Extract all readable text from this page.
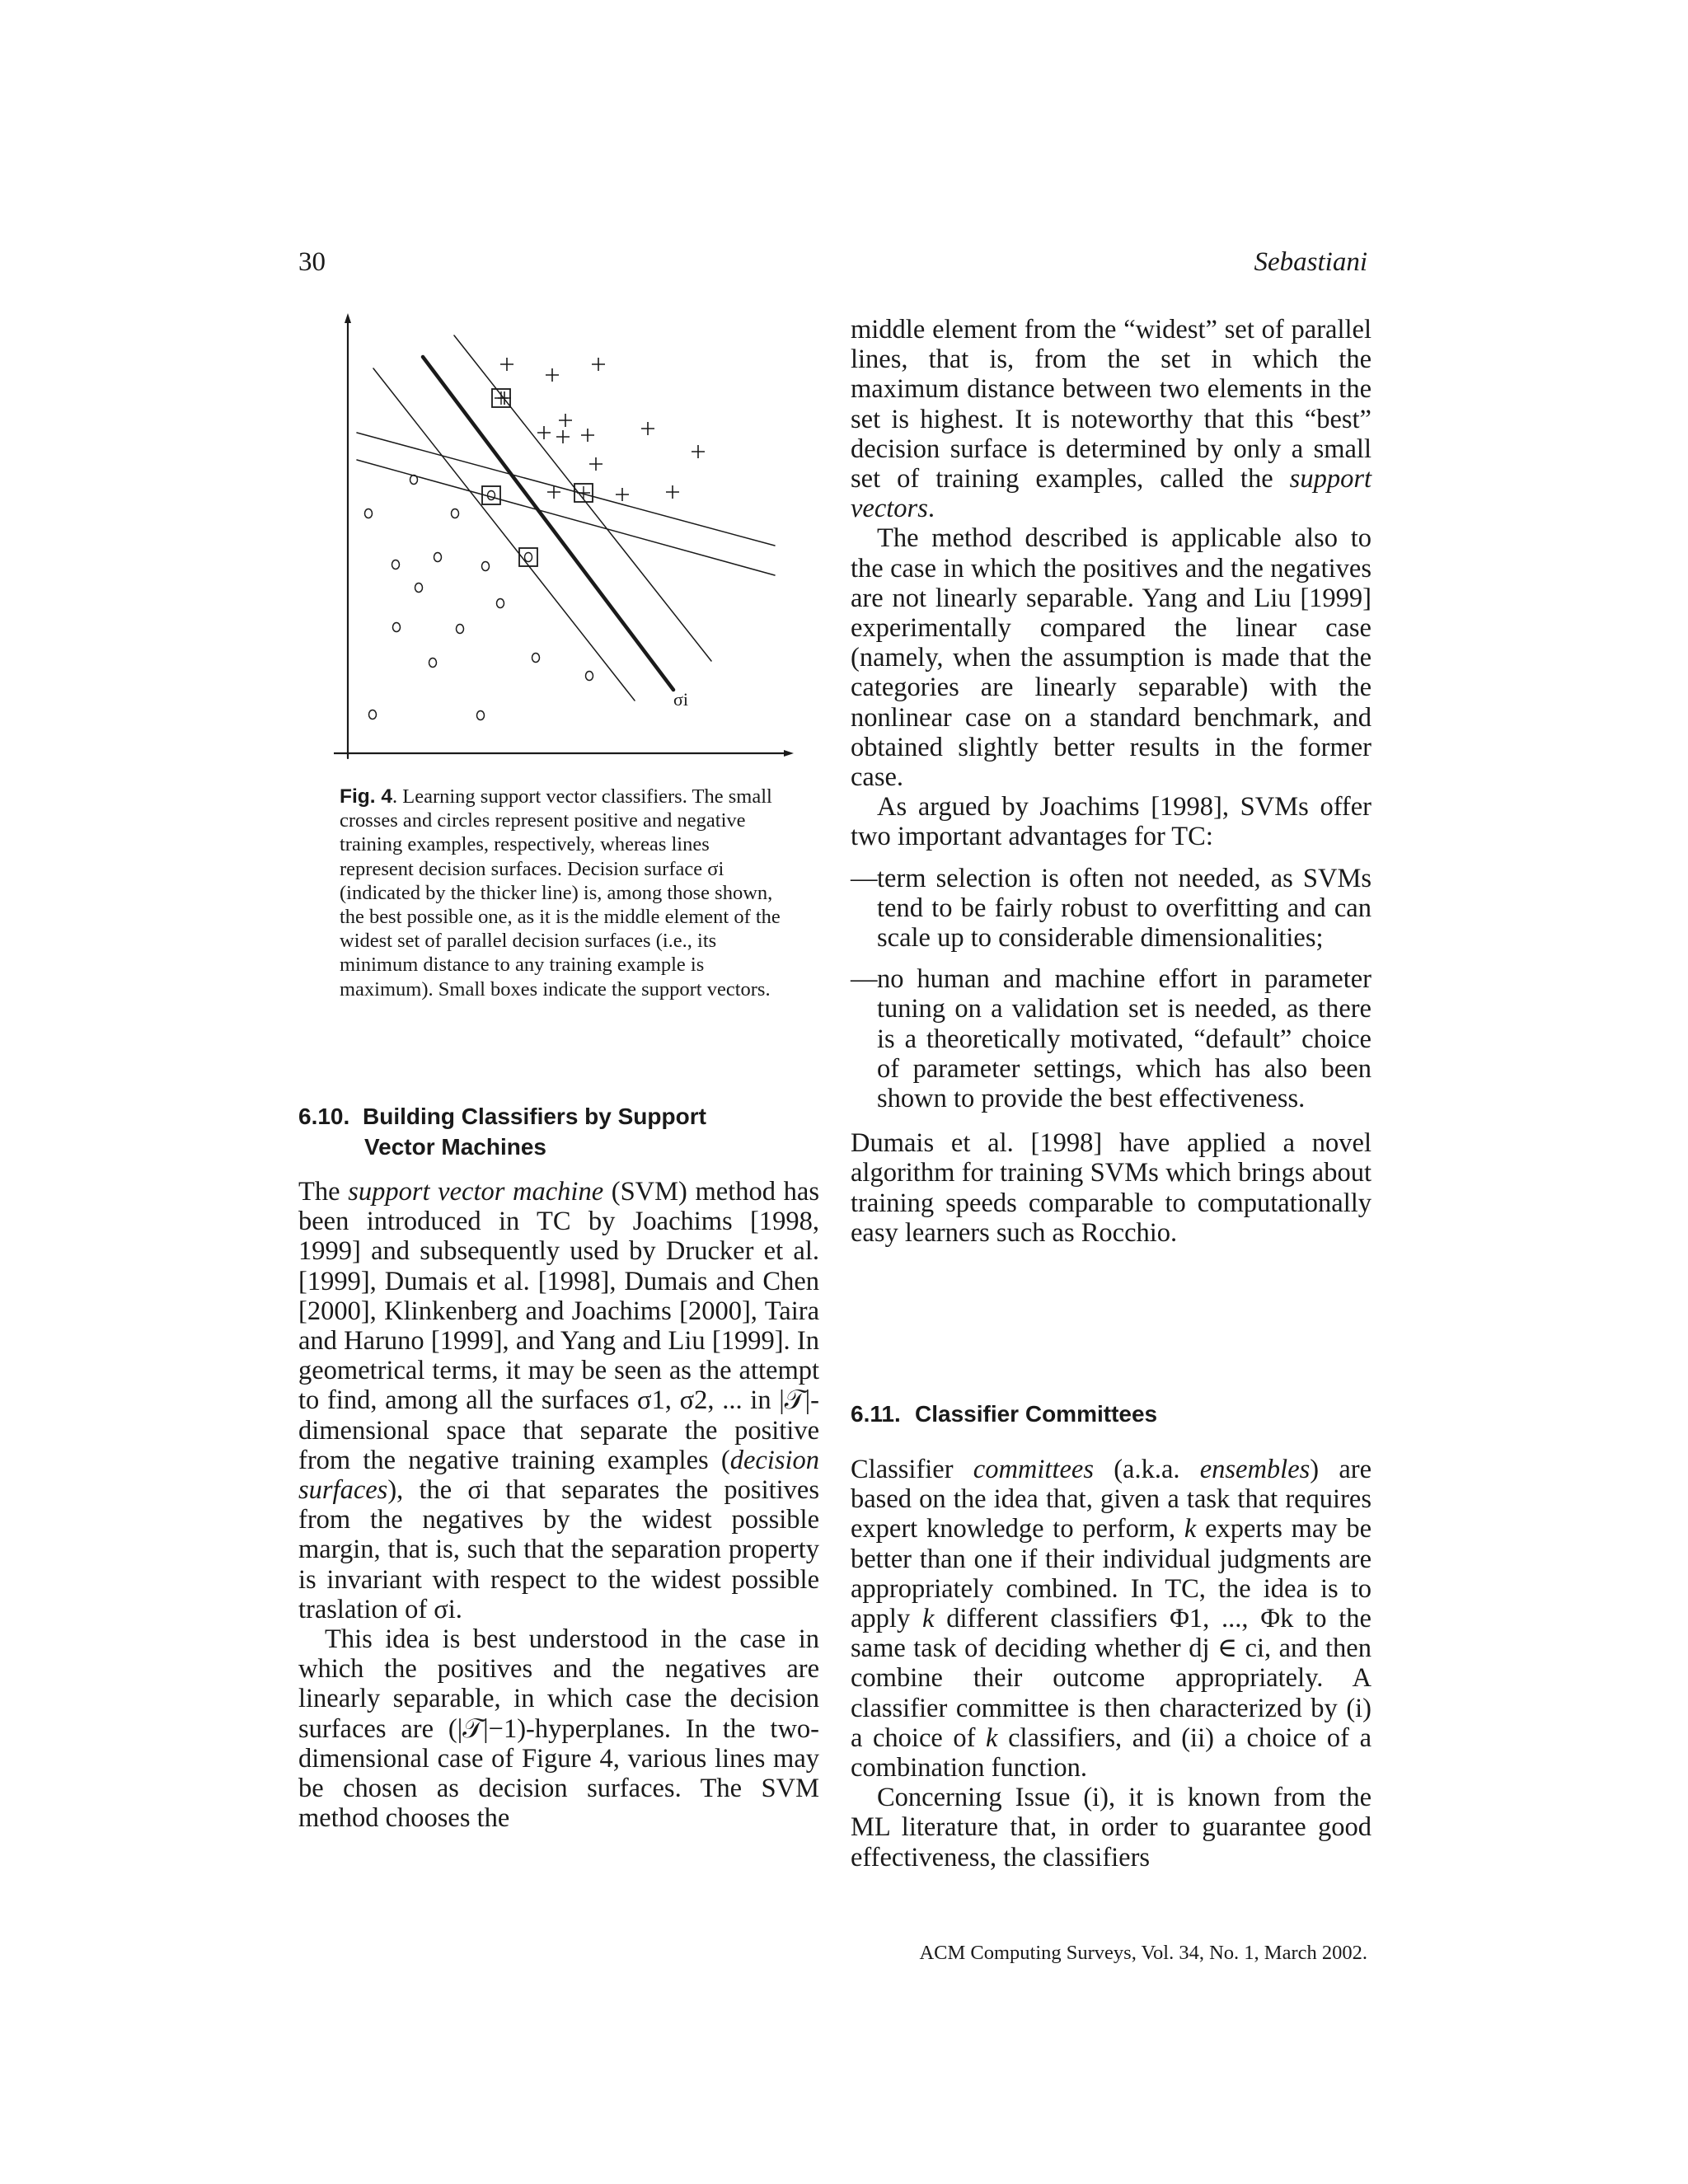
30	Sebastiani
σi
Fig. 4. Learning support vector classifiers. The small crosses and circles represent positive and negative training examples, respectively, whereas lines represent decision surfaces. Decision surface σi (indicated by the thicker line) is, among those shown, the best possible one, as it is the middle element of the widest set of parallel decision surfaces (i.e., its minimum distance to any training example is maximum). Small boxes indicate the support vectors.
6.10. Building Classifiers by Support
Vector Machines

The support vector machine (SVM) method has been introduced in TC by Joachims [1998, 1999] and subsequently used by Drucker et al. [1999], Dumais et al. [1998], Dumais and Chen [2000], Klinkenberg and Joachims [2000], Taira and Haruno [1999], and Yang and Liu [1999]. In geometrical terms, it may be seen as the attempt to find, among all the surfaces σ1, σ2, ... in |𝒯|-dimensional space that separate the positive from the negative training examples (decision surfaces), the σi that separates the positives from the negatives by the widest possible margin, that is, such that the separation property is invariant with respect to the widest possible traslation of σi.

This idea is best understood in the case in which the positives and the negatives are linearly separable, in which case the decision surfaces are (|𝒯|−1)-hyperplanes. In the two-dimensional case of Figure 4, various lines may be chosen as decision surfaces. The SVM method chooses the

middle element from the “widest” set of parallel lines, that is, from the set in which the maximum distance between two elements in the set is highest. It is noteworthy that this “best” decision surface is determined by only a small set of training examples, called the support vectors.

The method described is applicable also to the case in which the positives and the negatives are not linearly separable. Yang and Liu [1999] experimentally compared the linear case (namely, when the assumption is made that the categories are linearly separable) with the nonlinear case on a standard benchmark, and obtained slightly better results in the former case.

As argued by Joachims [1998], SVMs offer two important advantages for TC:

— term selection is often not needed, as SVMs tend to be fairly robust to overfitting and can scale up to considerable dimensionalities;
— no human and machine effort in parameter tuning on a validation set is needed, as there is a theoretically motivated, “default” choice of parameter settings, which has also been shown to provide the best effectiveness.

Dumais et al. [1998] have applied a novel algorithm for training SVMs which brings about training speeds comparable to computationally easy learners such as Rocchio.

6.11. Classifier Committees

Classifier committees (a.k.a. ensembles) are based on the idea that, given a task that requires expert knowledge to perform, k experts may be better than one if their individual judgments are appropriately combined. In TC, the idea is to apply k different classifiers Φ1, ..., Φk to the same task of deciding whether dj ∈ ci, and then combine their outcome appropriately. A classifier committee is then characterized by (i) a choice of k classifiers, and (ii) a choice of a combination function.

Concerning Issue (i), it is known from the ML literature that, in order to guarantee good effectiveness, the classifiers

ACM Computing Surveys, Vol. 34, No. 1, March 2002.
